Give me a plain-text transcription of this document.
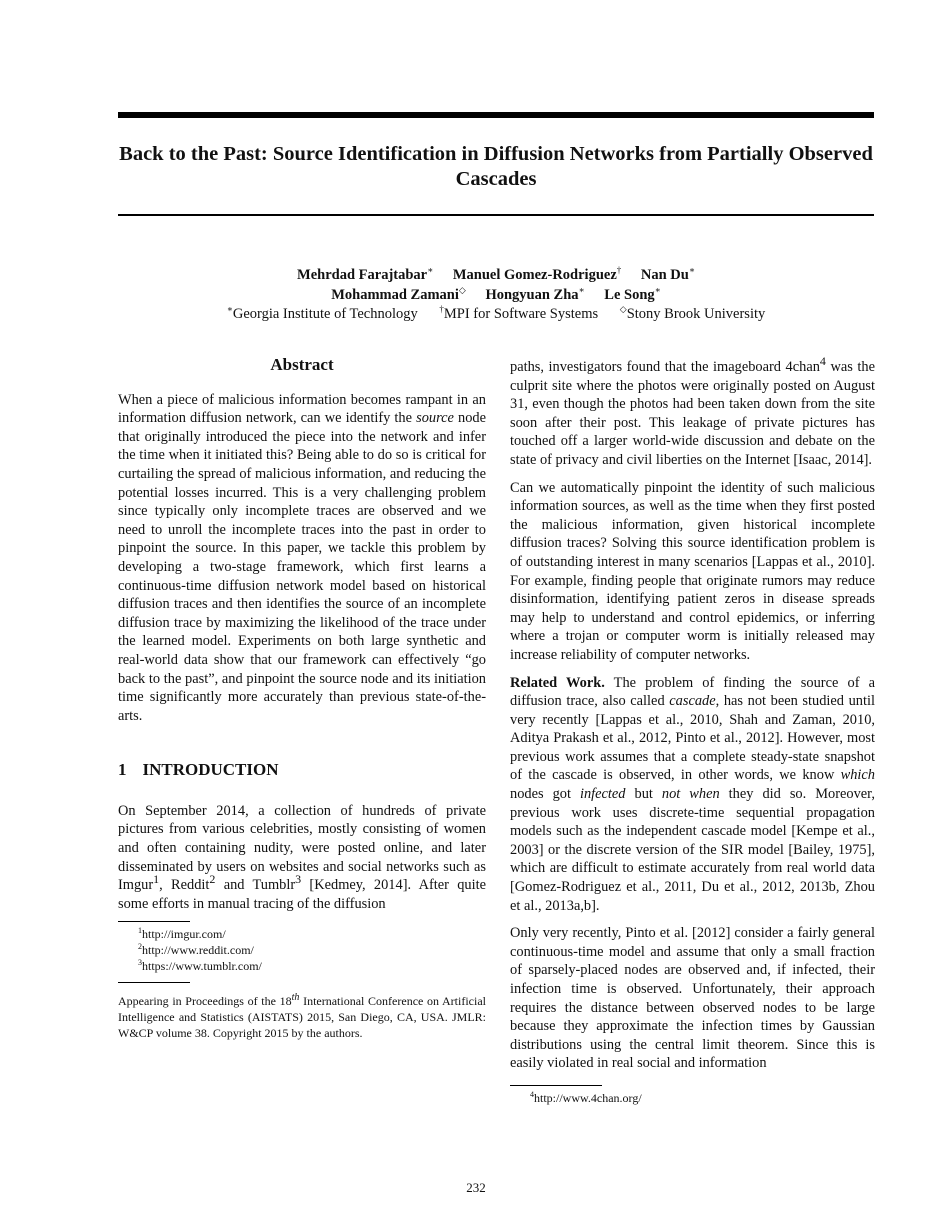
Back to the Past: Source Identification in Diffusion Networks from Partially Observed Cascades
Mehrdad Farajtabar∗ Manuel Gomez-Rodriguez† Nan Du∗
Mohammad Zamani◇ Hongyuan Zha∗ Le Song∗
∗Georgia Institute of Technology †MPI for Software Systems ◇Stony Brook University
Abstract

When a piece of malicious information becomes rampant in an information diffusion network, can we identify the source node that originally introduced the piece into the network and infer the time when it initiated this? Being able to do so is critical for curtailing the spread of malicious information, and reducing the potential losses incurred. This is a very challenging problem since typically only incomplete traces are observed and we need to unroll the incomplete traces into the past in order to pinpoint the source. In this paper, we tackle this problem by developing a two-stage framework, which first learns a continuous-time diffusion network model based on historical diffusion traces and then identifies the source of an incomplete diffusion trace by maximizing the likelihood of the trace under the learned model. Experiments on both large synthetic and real-world data show that our framework can effectively “go back to the past”, and pinpoint the source node and its initiation time significantly more accurately than previous state-of-the-arts.

1 INTRODUCTION

On September 2014, a collection of hundreds of private pictures from various celebrities, mostly consisting of women and often containing nudity, were posted online, and later disseminated by users on websites and social networks such as Imgur$^1$, Reddit$^2$ and Tumblr$^3$ [Kedmey, 2014]. After quite some efforts in manual tracing of the diffusion

$^1$http://imgur.com/
$^2$http://www.reddit.com/
$^3$https://www.tumblr.com/

Appearing in Proceedings of the 18th International Conference on Artificial Intelligence and Statistics (AISTATS) 2015, San Diego, CA, USA. JMLR: W&CP volume 38. Copyright 2015 by the authors.

paths, investigators found that the imageboard 4chan$^4$ was the culprit site where the photos were originally posted on August 31, even though the photos had been taken down from the site soon after their post. This leakage of private pictures has touched off a larger world-wide discussion and debate on the state of privacy and civil liberties on the Internet [Isaac, 2014].

Can we automatically pinpoint the identity of such malicious information sources, as well as the time when they first posted the malicious information, given historical incomplete diffusion traces? Solving this source identification problem is of outstanding interest in many scenarios [Lappas et al., 2010]. For example, finding people that originate rumors may reduce disinformation, identifying patient zeros in disease spreads may help to understand and control epidemics, or inferring where a trojan or computer worm is initially released may increase reliability of computer networks.

Related Work. The problem of finding the source of a diffusion trace, also called cascade, has not been studied until very recently [Lappas et al., 2010, Shah and Zaman, 2010, Aditya Prakash et al., 2012, Pinto et al., 2012]. However, most previous work assumes that a complete steady-state snapshot of the cascade is observed, in other words, we know which nodes got infected but not when they did so. Moreover, previous work uses discrete-time sequential propagation models such as the independent cascade model [Kempe et al., 2003] or the discrete version of the SIR model [Bailey, 1975], which are difficult to estimate accurately from real world data [Gomez-Rodriguez et al., 2011, Du et al., 2012, 2013b, Zhou et al., 2013a,b].

Only very recently, Pinto et al. [2012] consider a fairly general continuous-time model and assume that only a small fraction of sparsely-placed nodes are observed and, if infected, their infection time is observed. Unfortunately, their approach requires the distance between observed nodes to be large because they approximate the infection times by Gaussian distributions using the central limit theorem. Since this is easily violated in real social and information

$^4$http://www.4chan.org/
232
